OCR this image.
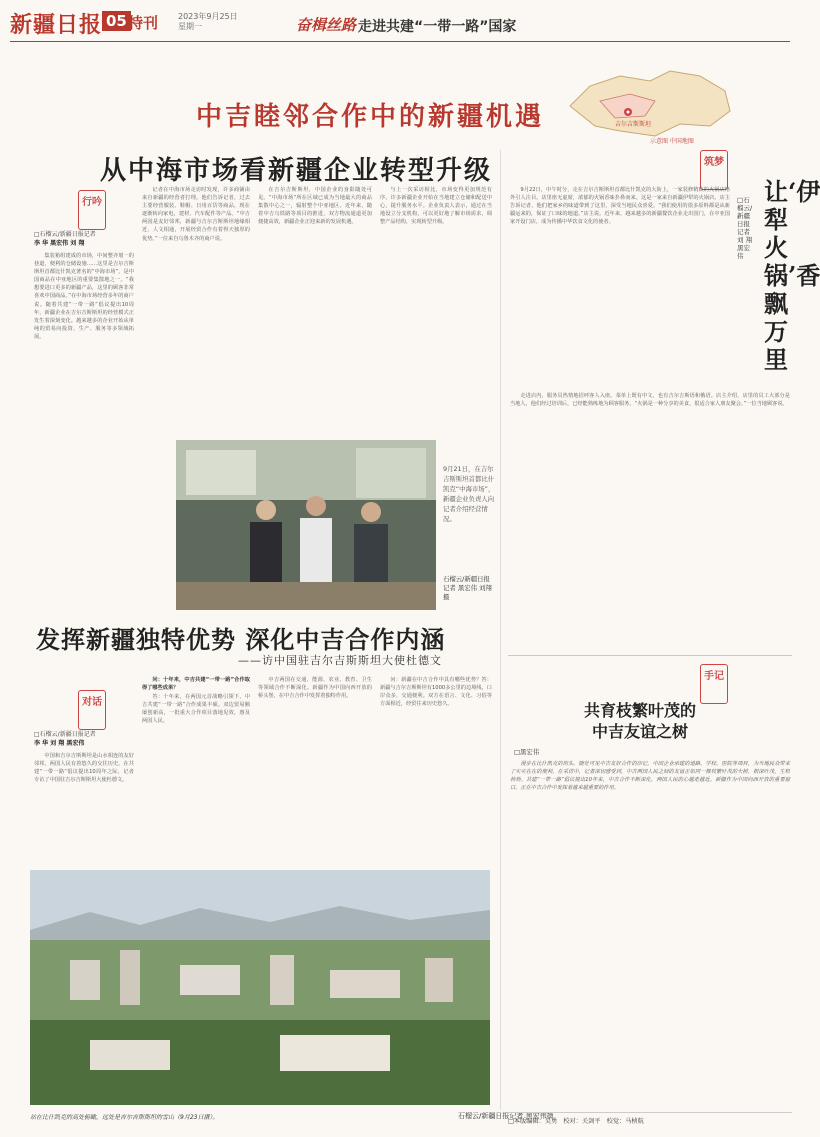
新疆日报 05 特刊 2023年9月25日
星期一	奋楫丝路 走进共建“一带一路”国家
吉尔吉斯斯坦
示意图 中国地图
中吉睦邻合作中的新疆机遇
从中海市场看新疆企业转型升级
行吟
□石榴云/新疆日报记者
李 华 黑宏伟 刘 翔

集装箱组建成的市场，中间整齐划一的巷道，便利的仓储设施……这里是吉尔吉斯斯坦首都比什凯克著名的“中海市场”，是中国商品在中亚地区的重要集散地之一。“我想要进口更多的新疆产品，这里的顾客非常喜欢中国商品。”在中海市场经营多年的商户说。随着共建“一带一路”倡议提出10周年，新疆企业在吉尔吉斯斯坦的经营模式正发生着深刻变化。越来越多的企业开始从单纯的贸易向投资、生产、服务等多领域拓展。

记者在中海市场走访时发现，许多商铺由来自新疆的经营者打理。他们告诉记者，过去主要经营服装、鞋帽、日用百货等商品，现在逐渐转向家电、建材、汽车配件等产品。“中吉两国是友好邻邦，新疆与吉尔吉斯斯坦地缘相近、人文相通，开展经贸合作有着得天独厚的优势。”一位来自乌鲁木齐的商户说。

在吉尔吉斯斯坦，中国企业的身影随处可见。“中海市场”所在区域已成为当地最大的商品集散中心之一，辐射整个中亚地区。近年来，随着中吉乌铁路等项目的推进，双方物流通道更加便捷高效，新疆企业正迎来新的发展机遇。

与上一次采访相比，市场变得更加规范有序。许多新疆企业开始在当地建立仓储和配送中心，提升服务水平。企业负责人表示，通过在当地设立分支机构，可以更好地了解市场需求，调整产品结构，实现转型升级。

9月21日，在吉尔吉斯斯坦首都比什凯克“中海市场”，新疆企业负责人向记者介绍经营情况。
石榴云/新疆日报记者 黑宏伟 刘翔摄
发挥新疆独特优势 深化中吉合作内涵
——访中国驻吉尔吉斯斯坦大使杜德文
对话
□石榴云/新疆日报记者
李 华 刘 翔 黑宏伟

中国和吉尔吉斯斯坦是山水相连的友好邻邦，两国人民有着悠久的交往历史。在共建“一带一路”倡议提出10周年之际，记者专访了中国驻吉尔吉斯斯坦大使杜德文。

问：十年来，中吉共建“一带一路”合作取得了哪些成果？

答：十年来，在两国元首战略引领下，中吉共建“一带一路”合作成果丰硕。双边贸易额屡创新高，一批重大合作项目落地见效，惠及两国人民。

中吉两国在交通、能源、农业、教育、卫生等领域合作不断深化。新疆作为中国向西开放的桥头堡，在中吉合作中发挥着独特作用。

问：新疆在中吉合作中具有哪些优势？答：新疆与吉尔吉斯斯坦有1000多公里的边境线，口岸众多，交通便利。双方在语言、文化、习俗等方面相近，经贸往来历史悠久。

站在比什凯克的高处俯瞰，远处是吉尔吉斯斯坦的雪山（9月23日摄）。	石榴云/新疆日报记者 黑宏伟摄
筑梦
让‘伊犁火锅’香飘万里
□石榴云/新疆日报记者 刘 翔 黑宏伟

9月22日，中午时分，走在吉尔吉斯斯坦首都比什凯克的大街上，一家装修精致的火锅店格外引人注目。店里座无虚席，浓郁的火锅香味扑鼻而来。这是一家来自新疆伊犁的火锅店。店主告诉记者，他们把家乡的味道带到了这里，深受当地民众喜爱。“我们使用的很多原料都是从新疆运来的，保证了口味的地道。”店主说。近年来，越来越多的新疆餐饮企业走出国门，在中亚国家开设门店，成为传播中华饮食文化的使者。

走进店内，服务员热情地招呼客人入座。菜单上既有中文，也有吉尔吉斯语和俄语。店主介绍，店里的员工大部分是当地人，他们经过培训后，已经能熟练地为顾客服务。“火锅是一种分享的美食，很适合家人朋友聚会。”一位当地顾客说。

手记
共育枝繁叶茂的
中吉友谊之树
□黑宏伟

漫步在比什凯克的街头，随处可见中吉友好合作的印记。中国企业承建的道路、学校、医院等项目，为当地民众带来了实实在在的便利。在采访中，记者深切感受到，中吉两国人民之间的友谊正如同一棵枝繁叶茂的大树，根深叶茂，生机勃勃。共建“一带一路”倡议提出10年来，中吉合作不断深化，两国人民的心越走越近。新疆作为中国向西开放的重要窗口，正在中吉合作中发挥着越来越重要的作用。

□本版编辑：吴勇　校对：关剑平　校觉：马桢航
